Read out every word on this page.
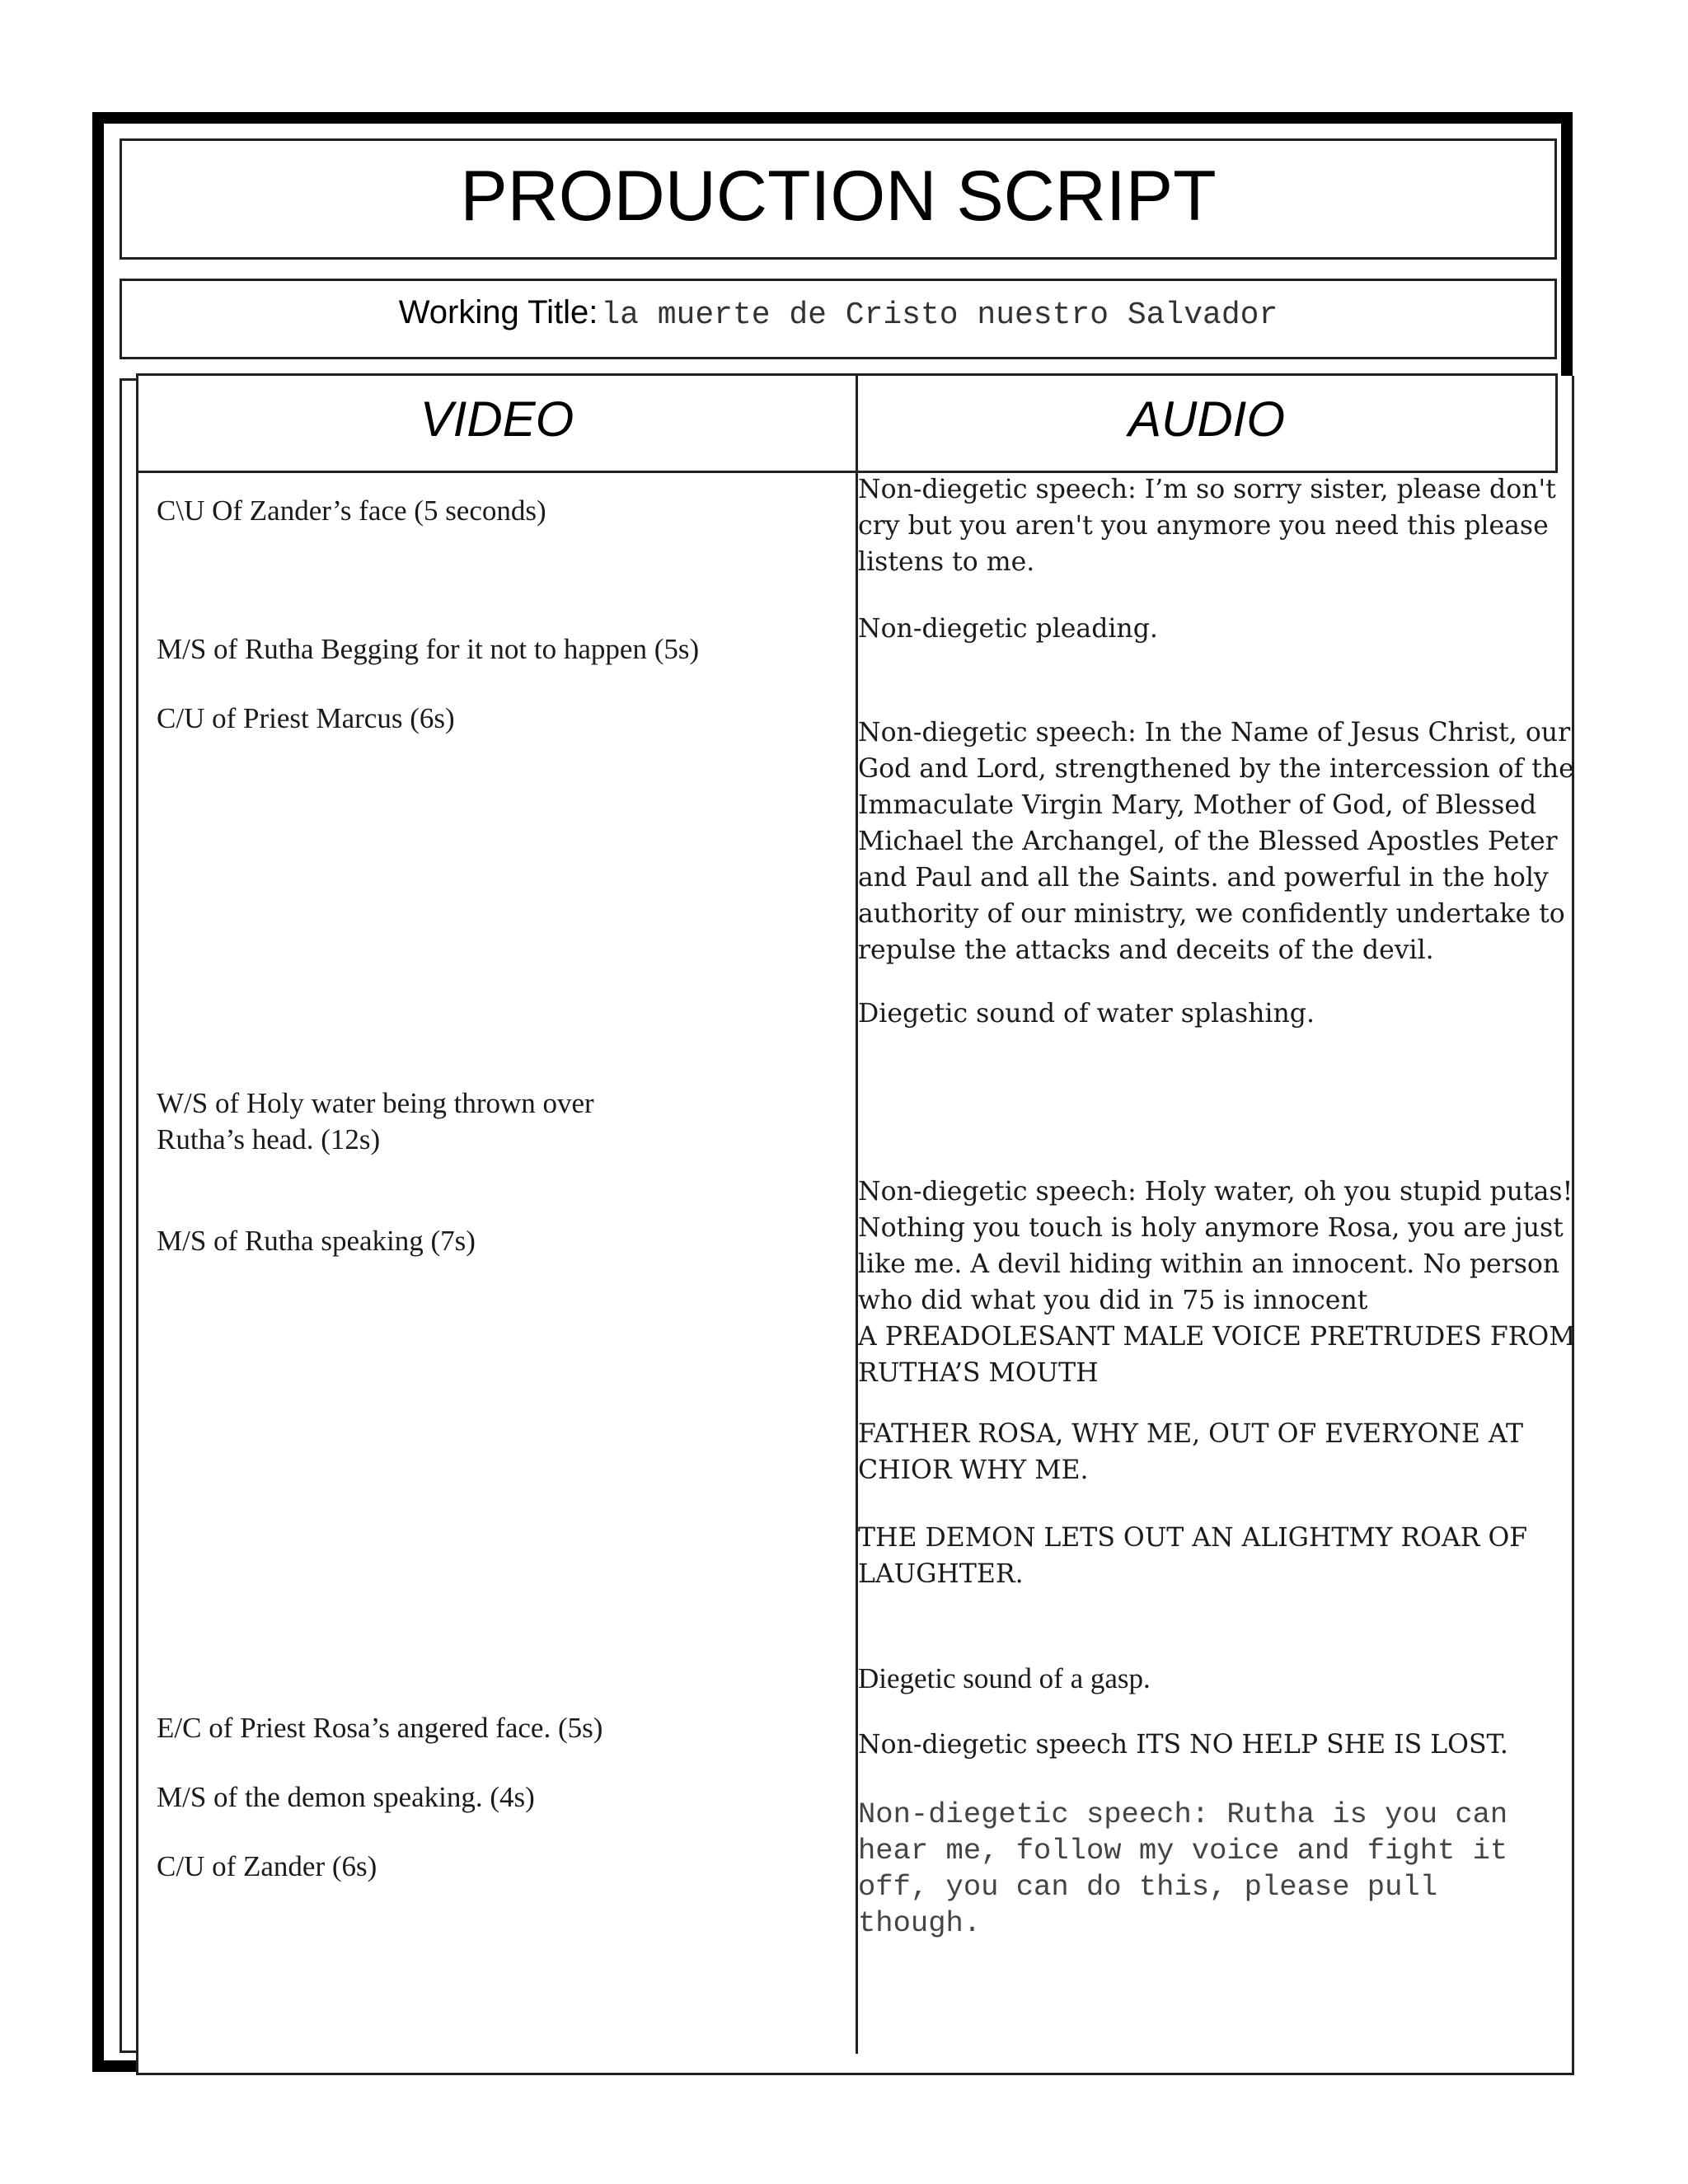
PRODUCTION SCRIPT
Working Title: la muerte de Cristo nuestro Salvador
VIDEO	AUDIO
C\U Of Zander’s face (5 seconds)
M/S of Rutha Begging for it not to happen (5s)
C/U of Priest Marcus (6s)
W/S of Holy water being thrown over
Rutha’s head. (12s)
M/S of Rutha speaking (7s)
E/C of Priest Rosa’s angered face. (5s)
M/S of the demon speaking. (4s)
C/U of Zander (6s)
Non-diegetic speech: I’m so sorry sister, please don't
cry but you aren't you anymore you need this please
listens to me.
Non-diegetic pleading.
Non-diegetic speech: In the Name of Jesus Christ, our
God and Lord, strengthened by the intercession of the
Immaculate Virgin Mary, Mother of God, of Blessed
Michael the Archangel, of the Blessed Apostles Peter
and Paul and all the Saints. and powerful in the holy
authority of our ministry, we confidently undertake to
repulse the attacks and deceits of the devil.
Diegetic sound of water splashing.
Non-diegetic speech: Holy water, oh you stupid putas!
Nothing you touch is holy anymore Rosa, you are just
like me. A devil hiding within an innocent. No person
who did what you did in 75 is innocent
A PREADOLESANT MALE VOICE PRETRUDES FROM
RUTHA’S MOUTH
FATHER ROSA, WHY ME, OUT OF EVERYONE AT
CHIOR WHY ME.
THE DEMON LETS OUT AN ALIGHTMY ROAR OF
LAUGHTER.
Diegetic sound of a gasp.
Non-diegetic speech ITS NO HELP SHE IS LOST.
Non-diegetic speech: Rutha is you can
hear me, follow my voice and fight it
off, you can do this, please pull
though.
